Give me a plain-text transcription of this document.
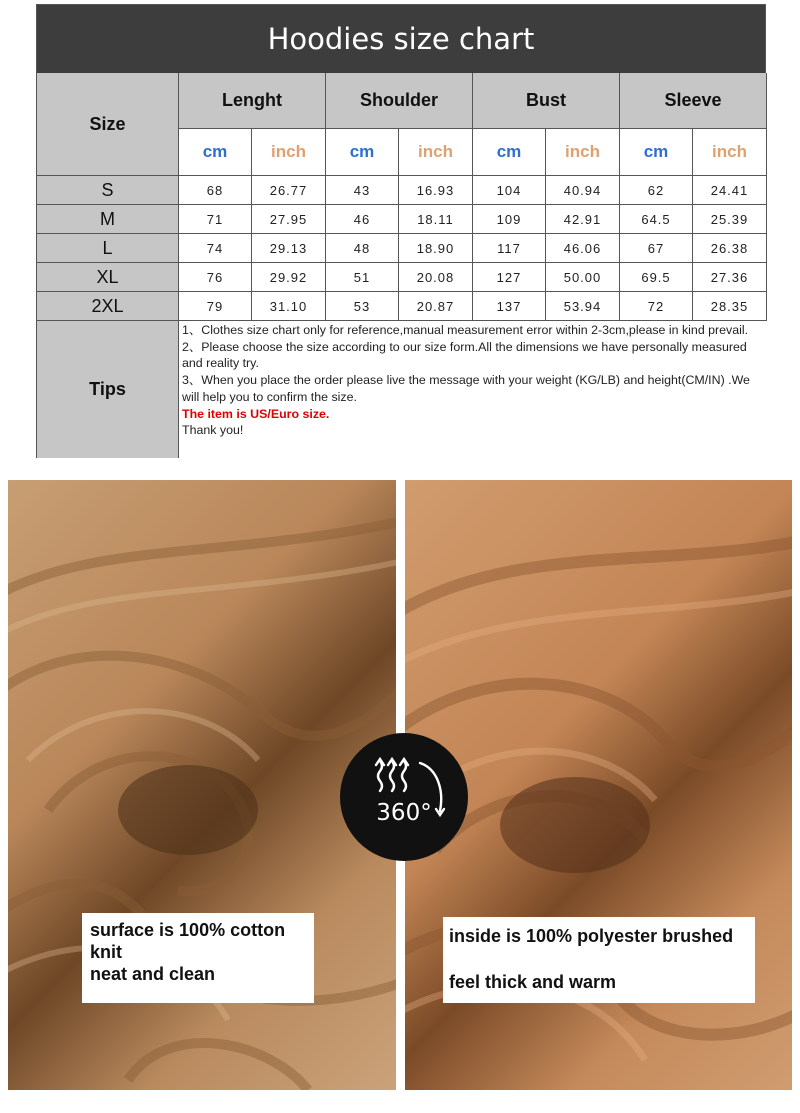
Hoodies size chart
Size
Lenght	Shoulder	Bust	Sleeve
cm	inch	cm	inch	cm	inch	cm	inch
S	68	26.77	43	16.93	104	40.94	62	24.41
M	71	27.95	46	18.11	109	42.91	64.5	25.39
L	74	29.13	48	18.90	117	46.06	67	26.38
XL	76	29.92	51	20.08	127	50.00	69.5	27.36
2XL	79	31.10	53	20.87	137	53.94	72	28.35
Tips
1、Clothes size chart only for reference,manual measurement error within 2-3cm,please in kind prevail.
2、Please choose the size according to our size form.All the dimensions we have personally measured and reality try.
3、When you place the order please live the message with your weight (KG/LB) and height(CM/IN) .We will help you to confirm the size.
The item is US/Euro size.
Thank you!
surface is 100% cotton
knit
neat and clean
inside is 100% polyester brushed
feel thick and warm
360°
